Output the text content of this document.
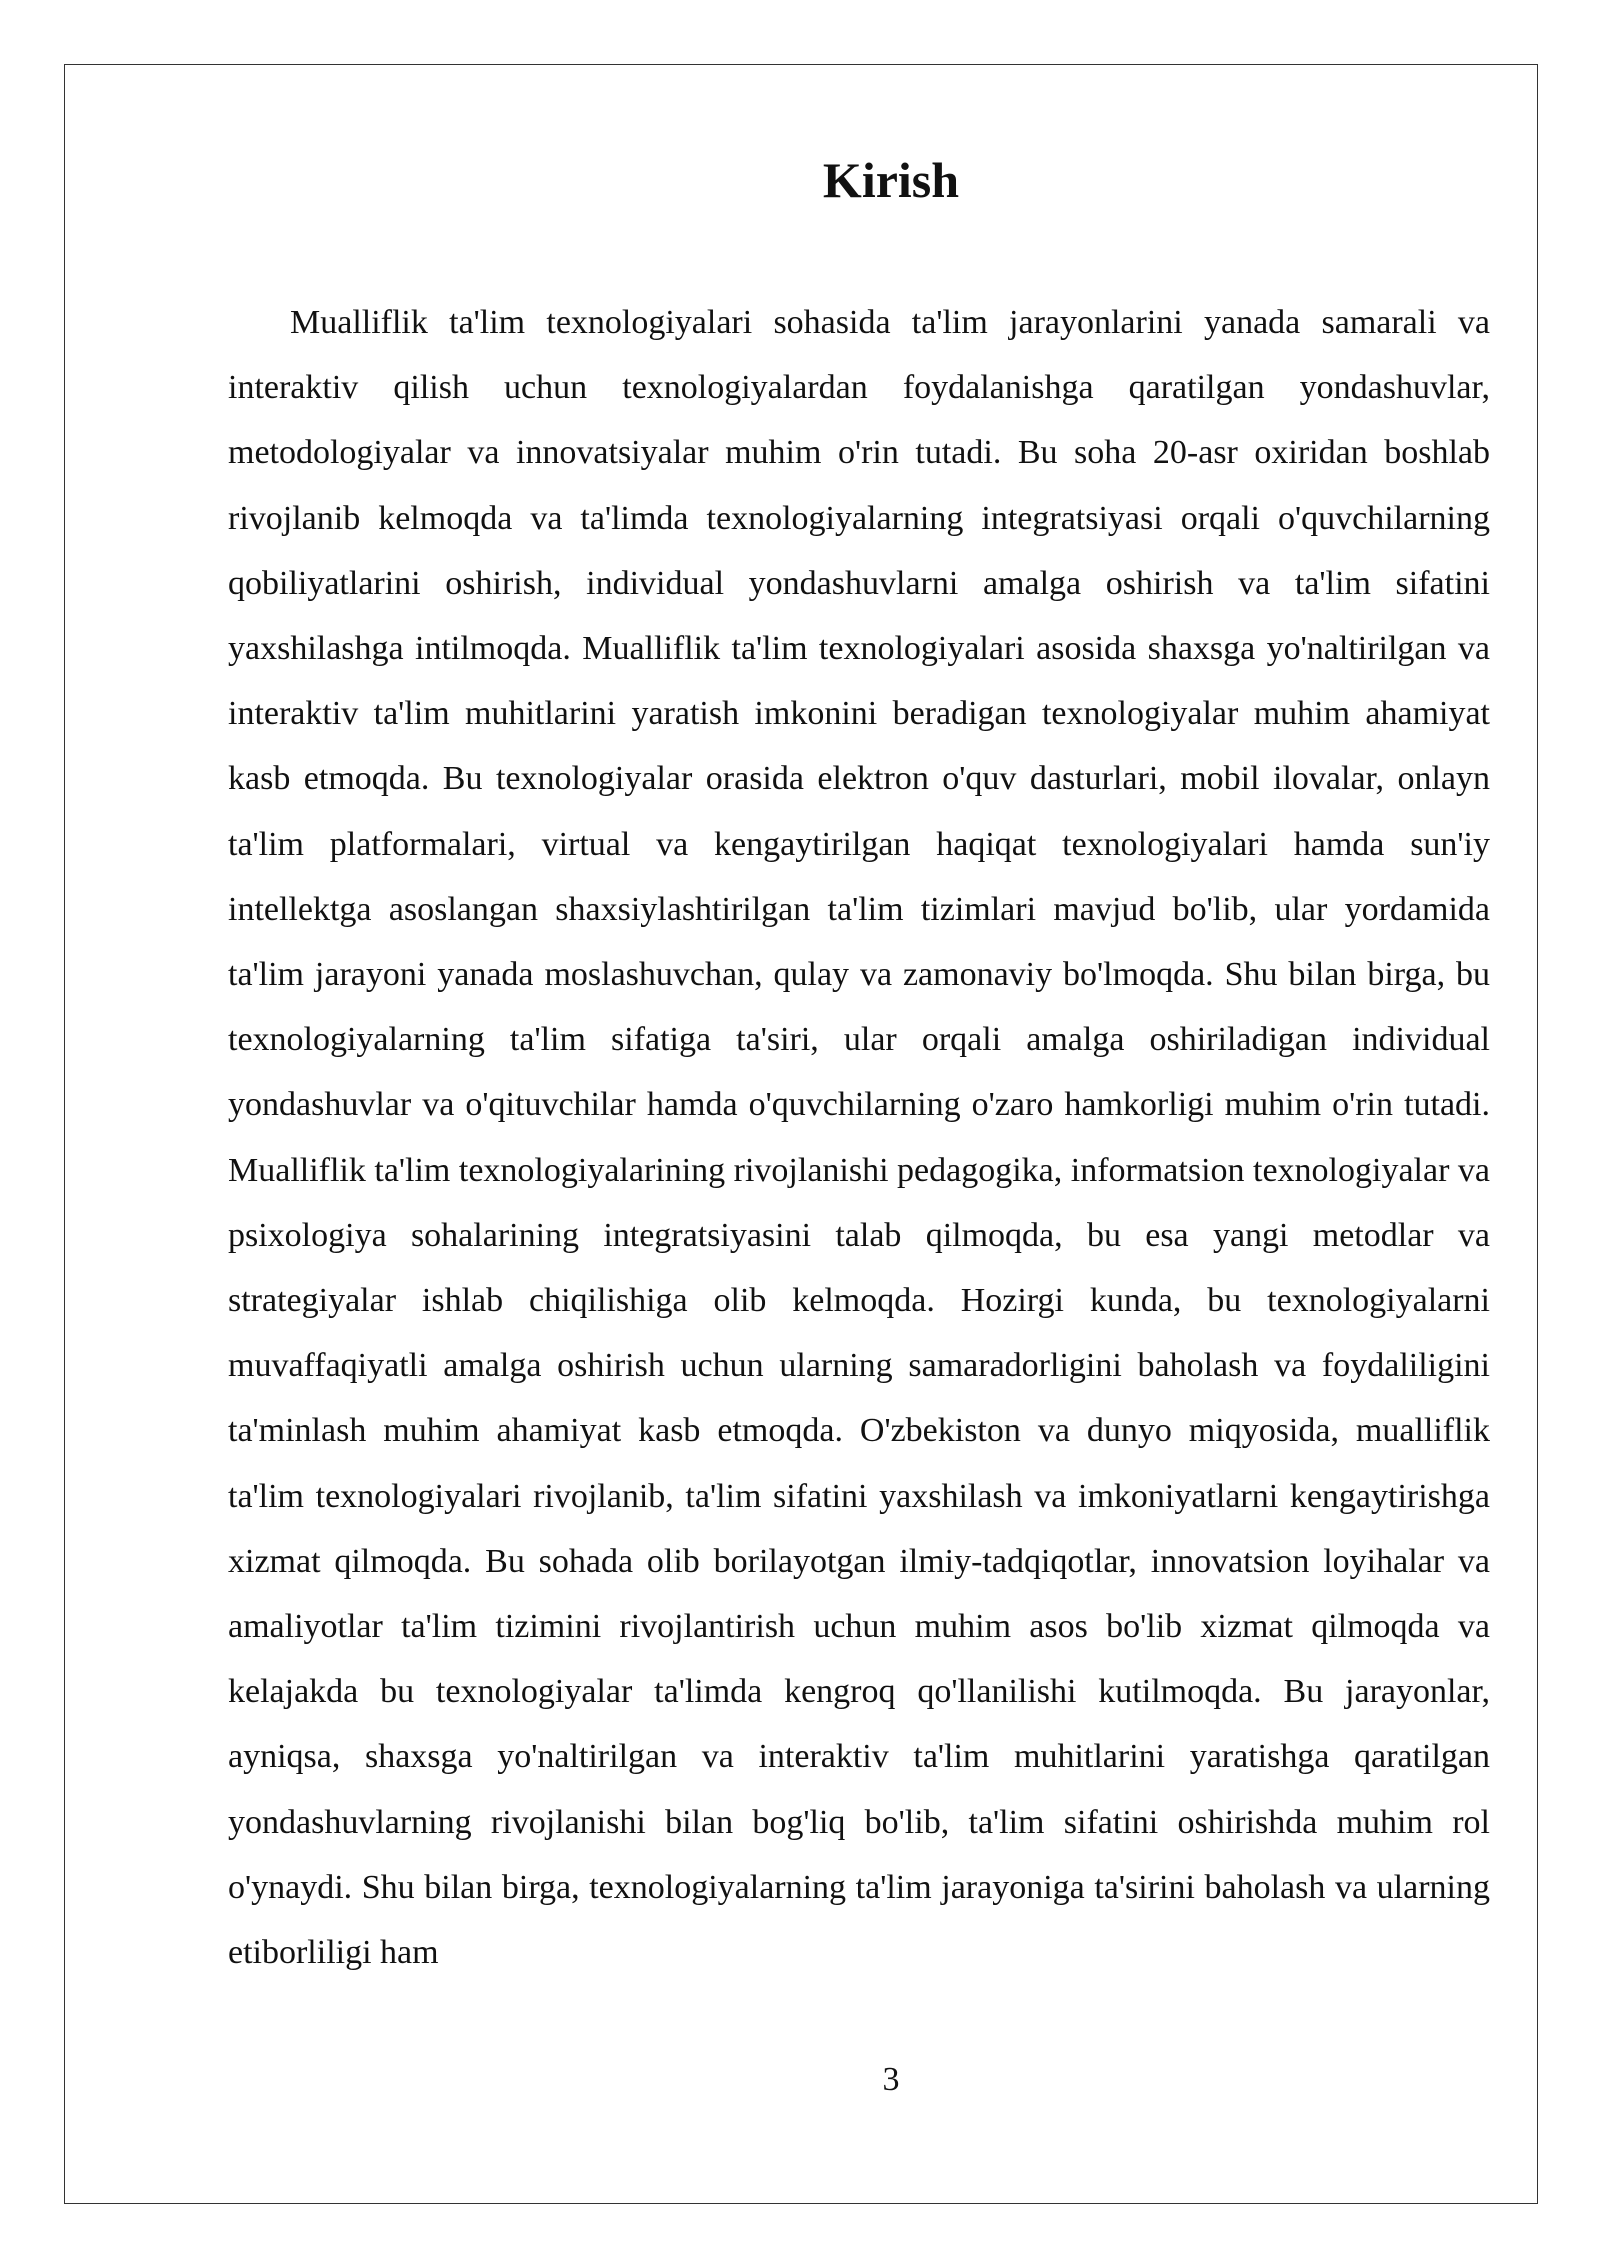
Kirish

Mualliflik ta'lim texnologiyalari sohasida ta'lim jarayonlarini yanada samarali va interaktiv qilish uchun texnologiyalardan foydalanishga qaratilgan yondashuvlar, metodologiyalar va innovatsiyalar muhim o'rin tutadi. Bu soha 20-asr oxiridan boshlab rivojlanib kelmoqda va ta'limda texnologiyalarning integratsiyasi orqali o'quvchilarning qobiliyatlarini oshirish, individual yondashuvlarni amalga oshirish va ta'lim sifatini yaxshilashga intilmoqda. Mualliflik ta'lim texnologiyalari asosida shaxsga yo'naltirilgan va interaktiv ta'lim muhitlarini yaratish imkonini beradigan texnologiyalar muhim ahamiyat kasb etmoqda. Bu texnologiyalar orasida elektron o'quv dasturlari, mobil ilovalar, onlayn ta'lim platformalari, virtual va kengaytirilgan haqiqat texnologiyalari hamda sun'iy intellektga asoslangan shaxsiylashtirilgan ta'lim tizimlari mavjud bo'lib, ular yordamida ta'lim jarayoni yanada moslashuvchan, qulay va zamonaviy bo'lmoqda. Shu bilan birga, bu texnologiyalarning ta'lim sifatiga ta'siri, ular orqali amalga oshiriladigan individual yondashuvlar va o'qituvchilar hamda o'quvchilarning o'zaro hamkorligi muhim o'rin tutadi. Mualliflik ta'lim texnologiyalarining rivojlanishi pedagogika, informatsion texnologiyalar va psixologiya sohalarining integratsiyasini talab qilmoqda, bu esa yangi metodlar va strategiyalar ishlab chiqilishiga olib kelmoqda. Hozirgi kunda, bu texnologiyalarni muvaffaqiyatli amalga oshirish uchun ularning samaradorligini baholash va foydaliligini ta'minlash muhim ahamiyat kasb etmoqda. O'zbekiston va dunyo miqyosida, mualliflik ta'lim texnologiyalari rivojlanib, ta'lim sifatini yaxshilash va imkoniyatlarni kengaytirishga xizmat qilmoqda. Bu sohada olib borilayotgan ilmiy-tadqiqotlar, innovatsion loyihalar va amaliyotlar ta'lim tizimini rivojlantirish uchun muhim asos bo'lib xizmat qilmoqda va kelajakda bu texnologiyalar ta'limda kengroq qo'llanilishi kutilmoqda. Bu jarayonlar, ayniqsa, shaxsga yo'naltirilgan va interaktiv ta'lim muhitlarini yaratishga qaratilgan yondashuvlarning rivojlanishi bilan bog'liq bo'lib, ta'lim sifatini oshirishda muhim rol o'ynaydi. Shu bilan birga, texnologiyalarning ta'lim jarayoniga ta'sirini baholash va ularning etiborliligi ham

3
